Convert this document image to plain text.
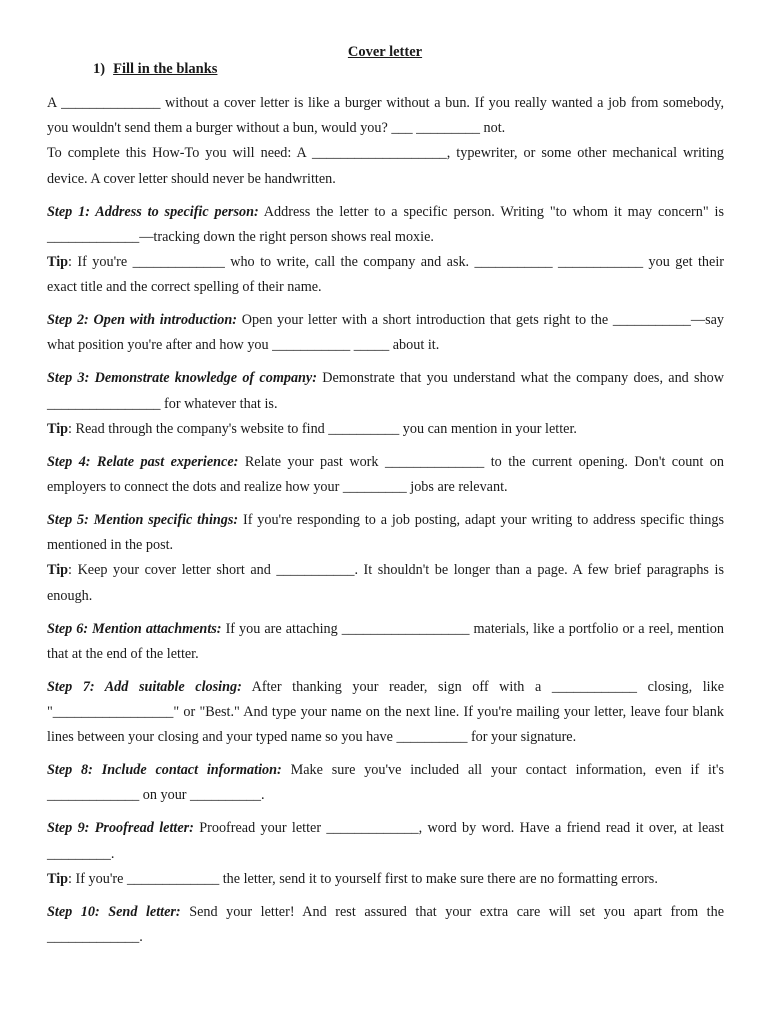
Cover letter
1) Fill in the blanks

A ______________ without a cover letter is like a burger without a bun. If you really wanted a job from somebody, you wouldn't send them a burger without a bun, would you? ___ _________ not.

To complete this How-To you will need: A ___________________, typewriter, or some other mechanical writing device. A cover letter should never be handwritten.

Step 1: Address to specific person: Address the letter to a specific person. Writing "to whom it may concern" is _____________—tracking down the right person shows real moxie.

Tip: If you're _____________ who to write, call the company and ask. ___________ ____________ you get their exact title and the correct spelling of their name.

Step 2: Open with introduction: Open your letter with a short introduction that gets right to the ___________—say what position you're after and how you ___________ _____ about it.

Step 3: Demonstrate knowledge of company: Demonstrate that you understand what the company does, and show ________________ for whatever that is.

Tip: Read through the company's website to find __________ you can mention in your letter.

Step 4: Relate past experience: Relate your past work ______________ to the current opening. Don't count on employers to connect the dots and realize how your _________ jobs are relevant.

Step 5: Mention specific things: If you're responding to a job posting, adapt your writing to address specific things mentioned in the post.

Tip: Keep your cover letter short and ___________. It shouldn't be longer than a page. A few brief paragraphs is enough.

Step 6: Mention attachments: If you are attaching __________________ materials, like a portfolio or a reel, mention that at the end of the letter.

Step 7: Add suitable closing: After thanking your reader, sign off with a ____________ closing, like "_________________" or "Best." And type your name on the next line. If you're mailing your letter, leave four blank lines between your closing and your typed name so you have __________ for your signature.

Step 8: Include contact information: Make sure you've included all your contact information, even if it's _____________ on your __________.

Step 9: Proofread letter: Proofread your letter _____________, word by word. Have a friend read it over, at least _________.

Tip: If you're _____________ the letter, send it to yourself first to make sure there are no formatting errors.

Step 10: Send letter: Send your letter! And rest assured that your extra care will set you apart from the _____________.
